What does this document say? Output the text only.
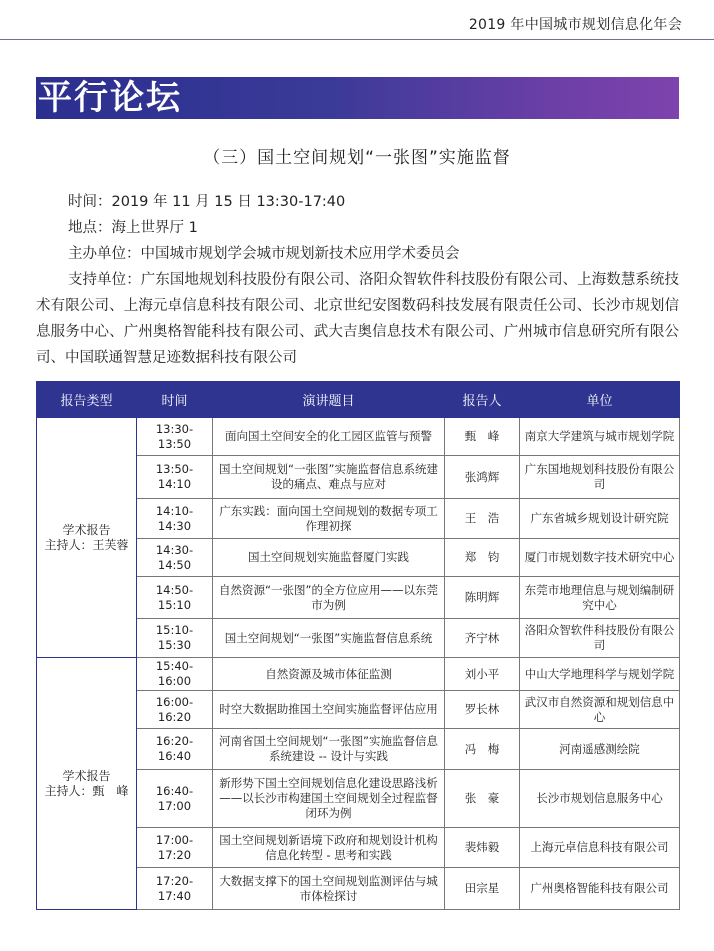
2019 年中国城市规划信息化年会
平行论坛
（三）国土空间规划“一张图”实施监督
时间：2019 年 11 月 15 日 13:30-17:40
地点：海上世界厅 1
主办单位：中国城市规划学会城市规划新技术应用学术委员会
支持单位：广东国地规划科技股份有限公司、洛阳众智软件科技股份有限公司、上海数慧系统技术有限公司、上海元卓信息科技有限公司、北京世纪安图数码科技发展有限责任公司、长沙市规划信息服务中心、广州奥格智能科技有限公司、武大吉奥信息技术有限公司、广州城市信息研究所有限公司、中国联通智慧足迹数据科技有限公司
报告类型	时间	演讲题目	报告人	单位

学术报告
主持人：王芙蓉	13:30-13:50	面向国土空间安全的化工园区监管与预警	甄　峰	南京大学建筑与城市规划学院
	13:50-14:10	国土空间规划“一张图”实施监督信息系统建设的痛点、难点与应对	张鸿辉	广东国地规划科技股份有限公司
	14:10-14:30	广东实践：面向国土空间规划的数据专项工作理初探	王　浩	广东省城乡规划设计研究院
	14:30-14:50	国土空间规划实施监督厦门实践	郑　钧	厦门市规划数字技术研究中心
	14:50-15:10	自然资源“一张图”的全方位应用——以东莞市为例	陈明辉	东莞市地理信息与规划编制研究中心
	15:10-15:30	国土空间规划“一张图”实施监督信息系统	齐宁林	洛阳众智软件科技股份有限公司

学术报告
主持人：甄　峰	15:40-16:00	自然资源及城市体征监测	刘小平	中山大学地理科学与规划学院
	16:00-16:20	时空大数据助推国土空间实施监督评估应用	罗长林	武汉市自然资源和规划信息中心
	16:20-16:40	河南省国土空间规划“一张图”实施监督信息系统建设 -- 设计与实践	冯　梅	河南遥感测绘院
	16:40-17:00	新形势下国土空间规划信息化建设思路浅析——以长沙市构建国土空间规划全过程监督闭环为例	张　豪	长沙市规划信息服务中心
	17:00-17:20	国土空间规划新语境下政府和规划设计机构信息化转型 - 思考和实践	裴炜毅	上海元卓信息科技有限公司
	17:20-17:40	大数据支撑下的国土空间规划监测评估与城市体检探讨	田宗星	广州奥格智能科技有限公司
